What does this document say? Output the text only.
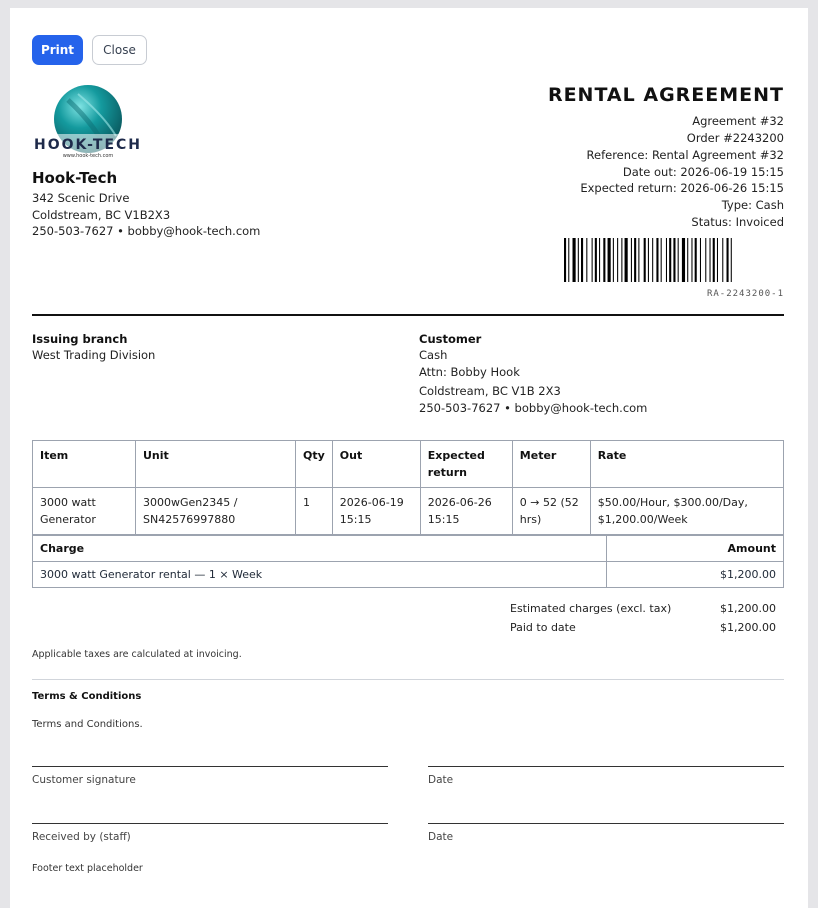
Print	Close
HOOK-TECH
www.hook-tech.com
Hook-Tech
342 Scenic Drive
Coldstream, BC V1B2X3
250-503-7627 • bobby@hook-tech.com
RENTAL AGREEMENT
Agreement #32
Order #2243200
Reference: Rental Agreement #32
Date out: 2026-06-19 15:15
Expected return: 2026-06-26 15:15
Type: Cash
Status: Invoiced
RA-2243200-1
Issuing branch
West Trading Division
Customer
Cash
Attn: Bobby Hook
Coldstream, BC V1B 2X3
250-503-7627 • bobby@hook-tech.com
Item	Unit	Qty	Out	Expected return	Meter	Rate
3000 watt Generator	3000wGen2345 / SN42576997880	1	2026-06-19 15:15	2026-06-26 15:15	0 → 52 (52 hrs)	$50.00/Hour, $300.00/Day, $1,200.00/Week
Charge	Amount
3000 watt Generator rental — 1 × Week	$1,200.00
Estimated charges (excl. tax)	$1,200.00
Paid to date	$1,200.00
Applicable taxes are calculated at invoicing.
Terms & Conditions
Terms and Conditions.
Customer signature	Date
Received by (staff)	Date
Footer text placeholder
